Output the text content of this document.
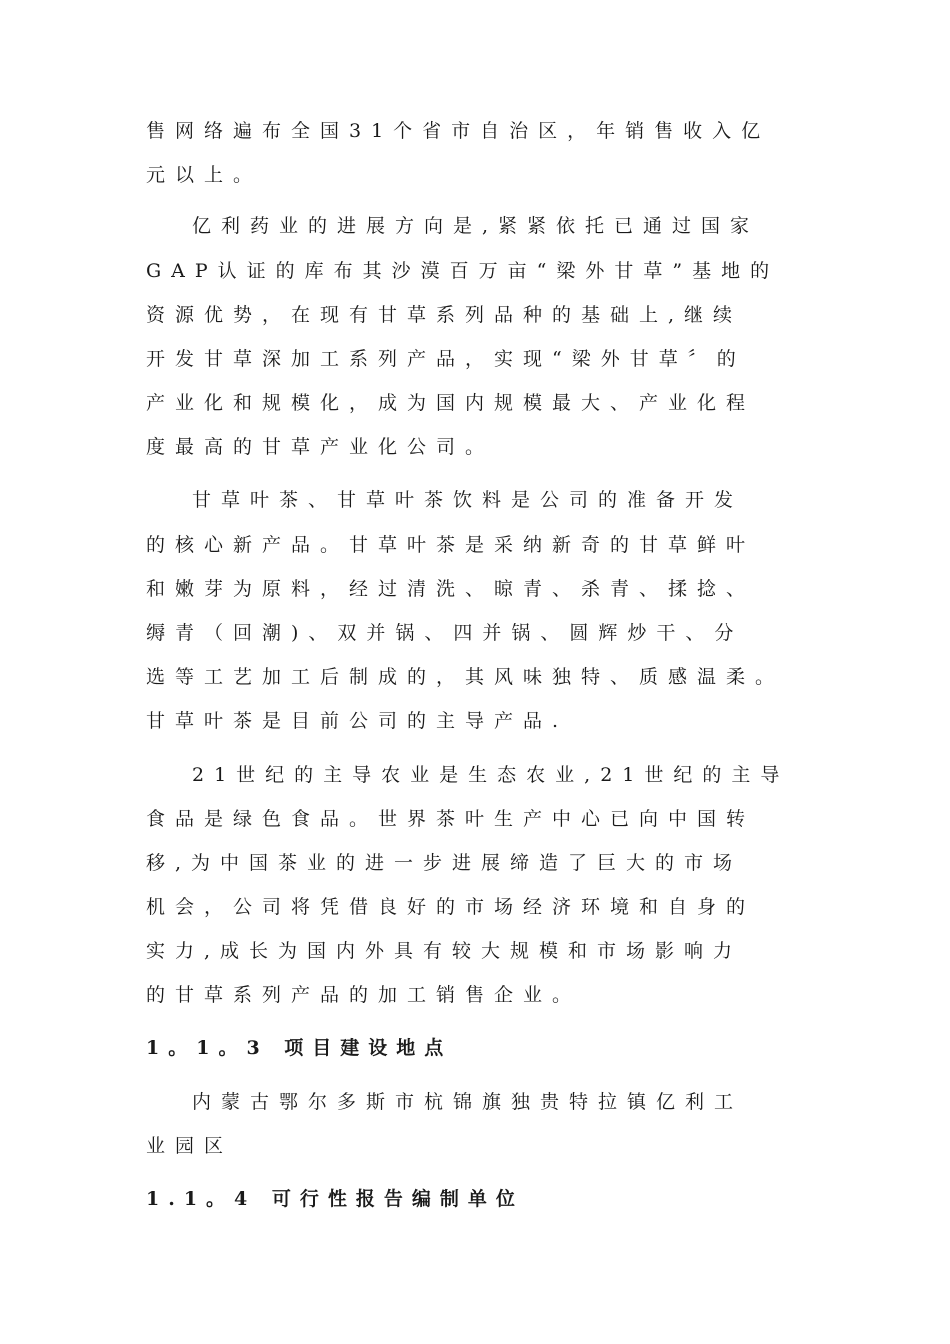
售网络遍布全国31个省市自治区，年销售收入亿
元以上。
亿利药业的进展方向是,紧紧依托已通过国家
GAP认证的库布其沙漠百万亩“梁外甘草”基地的
资源优势，在现有甘草系列品种的基础上,继续
开发甘草深加工系列产品，实现“梁外甘草〞的
产业化和规模化，成为国内规模最大、产业化程
度最高的甘草产业化公司。
甘草叶茶、甘草叶茶饮料是公司的准备开发
的核心新产品。甘草叶茶是采纳新奇的甘草鲜叶
和嫩芽为原料，经过清洗、晾青、杀青、揉捻、
缛青（回潮)、双并锅、四并锅、圆辉炒干、分
选等工艺加工后制成的，其风味独特、质感温柔。
甘草叶茶是目前公司的主导产品.
21世纪的主导农业是生态农业,21世纪的主导
食品是绿色食品。世界茶叶生产中心已向中国转
移,为中国茶业的进一步进展缔造了巨大的市场
机会，公司将凭借良好的市场经济环境和自身的
实力,成长为国内外具有较大规模和市场影响力
的甘草系列产品的加工销售企业。
1。1。3 项目建设地点
内蒙古鄂尔多斯市杭锦旗独贵特拉镇亿利工
业园区
1.1。4 可行性报告编制单位
